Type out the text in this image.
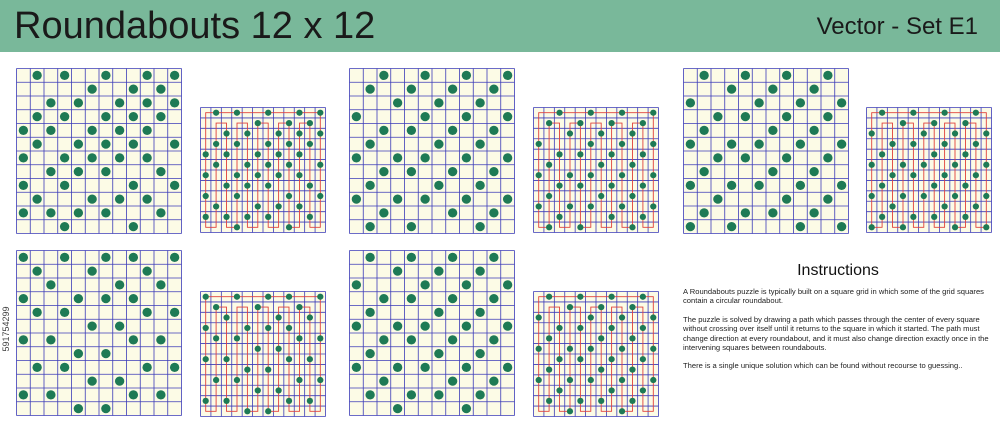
Roundabouts 12 x 12	Vector - Set E1
Instructions

A Roundabouts puzzle is typically built on a square grid in which some of the grid squares contain a circular roundabout.

The puzzle is solved by drawing a path which passes through the center of every square without crossing over itself until it returns to the square in which it started. The path must change direction at every roundabout, and it must also change direction exactly once in the intervening squares between roundabouts.

There is a single unique solution which can be found without recourse to guessing..

591754299
